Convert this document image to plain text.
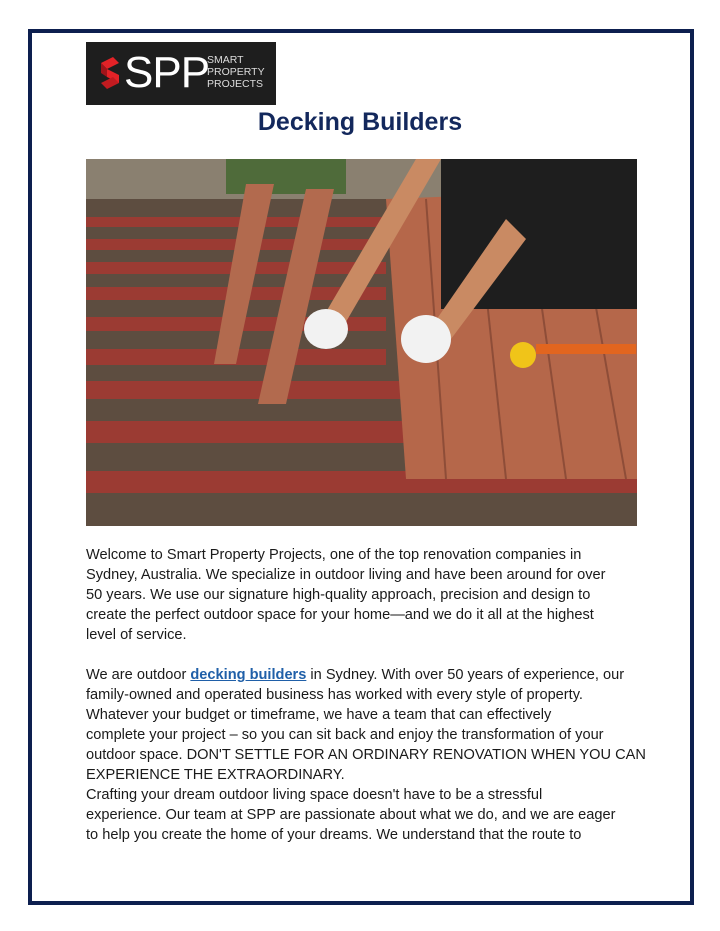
SPP
SMART
PROPERTY
PROJECTS
Decking Builders
Welcome to Smart Property Projects, one of the top renovation companies in
Sydney, Australia. We specialize in outdoor living and have been around for over
50 years. We use our signature high-quality approach, precision and design to
create the perfect outdoor space for your home—and we do it all at the highest
level of service.
We are outdoor decking builders in Sydney. With over 50 years of experience, our
family-owned and operated business has worked with every style of property.
Whatever your budget or timeframe, we have a team that can effectively
complete your project – so you can sit back and enjoy the transformation of your
outdoor space. DON'T SETTLE FOR AN ORDINARY RENOVATION WHEN YOU CAN
EXPERIENCE THE EXTRAORDINARY.
Crafting your dream outdoor living space doesn't have to be a stressful
experience. Our team at SPP are passionate about what we do, and we are eager
to help you create the home of your dreams. We understand that the route to
